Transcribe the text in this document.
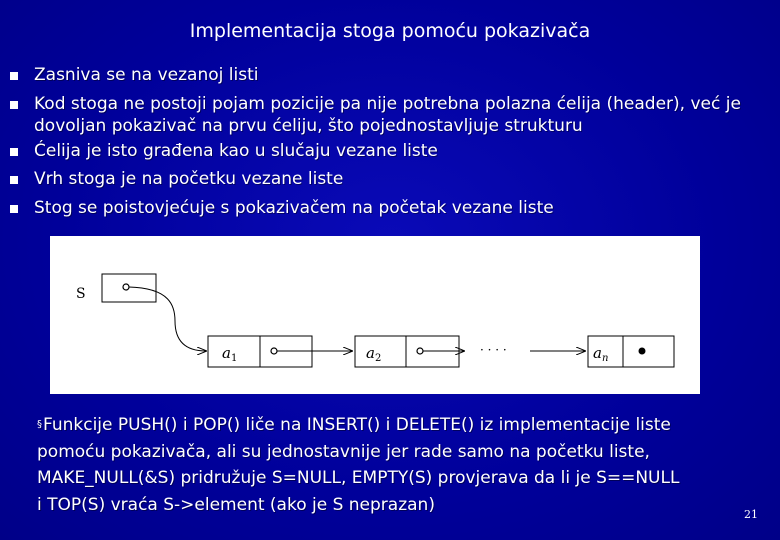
Implementacija stoga pomoću pokazivača
Zasniva se na vezanoj listi
Kod stoga ne postoji pojam pozicije pa nije potrebna polazna ćelija (header), već je dovoljan pokazivač na prvu ćeliju, što pojednostavljuje strukturu
Ćelija je isto građena kao u slučaju vezane liste
Vrh stoga je na početku vezane liste
Stog se poistovjećuje s pokazivačem na početak vezane liste
S
$a_1$	$a_2$
· · · ·	$a_n$
§Funkcije PUSH() i POP() liče na INSERT() i DELETE() iz implementacije liste
pomoću pokazivača, ali su jednostavnije jer rade samo na početku liste,
MAKE_NULL(&S) pridružuje S=NULL, EMPTY(S) provjerava da li je S==NULL
i TOP(S) vraća S->element (ako je S neprazan)	21
